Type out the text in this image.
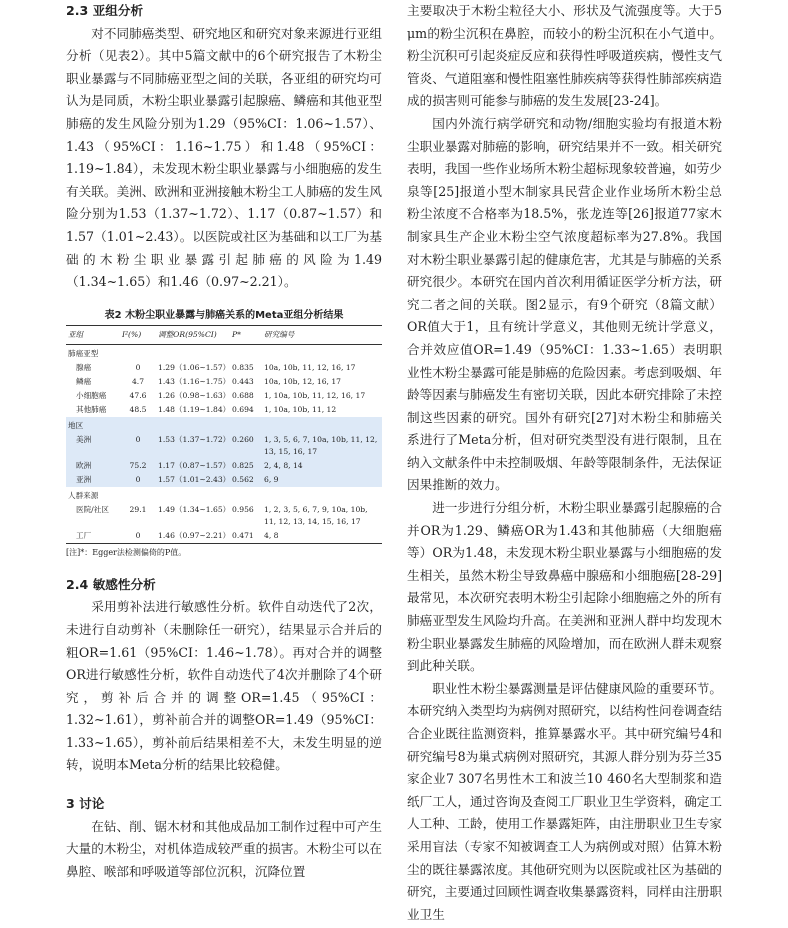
2.3 亚组分析

对不同肺癌类型、研究地区和研究对象来源进行亚组分析（见表2）。其中5篇文献中的6个研究报告了木粉尘职业暴露与不同肺癌亚型之间的关联，各亚组的研究均可认为是同质，木粉尘职业暴露引起腺癌、鳞癌和其他亚型肺癌的发生风险分别为1.29（95%CI：1.06~1.57）、1.43（95%CI：1.16~1.75）和1.48（95%CI：1.19~1.84），未发现木粉尘职业暴露与小细胞癌的发生有关联。美洲、欧洲和亚洲接触木粉尘工人肺癌的发生风险分别为1.53（1.37~1.72）、1.17（0.87~1.57）和1.57（1.01~2.43）。以医院或社区为基础和以工厂为基础的木粉尘职业暴露引起肺癌的风险为1.49（1.34~1.65）和1.46（0.97~2.21）。

表2 木粉尘职业暴露与肺癌关系的Meta亚组分析结果
亚组	I²(%)	调整OR(95%CI)	P*	研究编号
肺癌亚型				
腺癌	0	1.29（1.06~1.57）	0.835	10a, 10b, 11, 12, 16, 17
鳞癌	4.7	1.43（1.16~1.75）	0.443	10a, 10b, 12, 16, 17
小细胞癌	47.6	1.26（0.98~1.63）	0.688	1, 10a, 10b, 11, 12, 16, 17
其他肺癌	48.5	1.48（1.19~1.84）	0.694	1, 10a, 10b, 11, 12
地区				
美洲	0	1.53（1.37~1.72）	0.260	1, 3, 5, 6, 7, 10a, 10b, 11, 12, 13, 15, 16, 17
欧洲	75.2	1.17（0.87~1.57）	0.825	2, 4, 8, 14
亚洲	0	1.57（1.01~2.43）	0.562	6, 9
人群来源				
医院/社区	29.1	1.49（1.34~1.65）	0.956	1, 2, 3, 5, 6, 7, 9, 10a, 10b, 11, 12, 13, 14, 15, 16, 17
工厂	0	1.46（0.97~2.21）	0.471	4, 8
[注]*：Egger法检测偏倚的P值。
2.4 敏感性分析

采用剪补法进行敏感性分析。软件自动迭代了2次，未进行自动剪补（未删除任一研究），结果显示合并后的粗OR=1.61（95%CI：1.46~1.78）。再对合并的调整OR进行敏感性分析，软件自动迭代了4次并删除了4个研究，剪补后合并的调整OR=1.45（95%CI：1.32~1.61），剪补前合并的调整OR=1.49（95%CI：1.33~1.65），剪补前后结果相差不大，未发生明显的逆转，说明本Meta分析的结果比较稳健。

3 讨论

在钻、削、锯木材和其他成品加工制作过程中可产生大量的木粉尘，对机体造成较严重的损害。木粉尘可以在鼻腔、喉部和呼吸道等部位沉积，沉降位置

主要取决于木粉尘粒径大小、形状及气流强度等。大于5 μm的粉尘沉积在鼻腔，而较小的粉尘沉积在小气道中。粉尘沉积可引起炎症反应和获得性呼吸道疾病，慢性支气管炎、气道阻塞和慢性阻塞性肺疾病等获得性肺部疾病造成的损害则可能参与肺癌的发生发展[23-24]。

国内外流行病学研究和动物/细胞实验均有报道木粉尘职业暴露对肺癌的影响，研究结果并不一致。相关研究表明，我国一些作业场所木粉尘超标现象较普遍，如劳少泉等[25]报道小型木制家具民营企业作业场所木粉尘总粉尘浓度不合格率为18.5%，张龙连等[26]报道77家木制家具生产企业木粉尘空气浓度超标率为27.8%。我国对木粉尘职业暴露引起的健康危害，尤其是与肺癌的关系研究很少。本研究在国内首次利用循证医学分析方法，研究二者之间的关联。图2显示，有9个研究（8篇文献）OR值大于1，且有统计学意义，其他则无统计学意义，合并效应值OR=1.49（95%CI：1.33~1.65）表明职业性木粉尘暴露可能是肺癌的危险因素。考虑到吸烟、年龄等因素与肺癌发生有密切关联，因此本研究排除了未控制这些因素的研究。国外有研究[27]对木粉尘和肺癌关系进行了Meta分析，但对研究类型没有进行限制，且在纳入文献条件中未控制吸烟、年龄等限制条件，无法保证因果推断的效力。

进一步进行分组分析，木粉尘职业暴露引起腺癌的合并OR为1.29、鳞癌OR为1.43和其他肺癌（大细胞癌等）OR为1.48，未发现木粉尘职业暴露与小细胞癌的发生相关，虽然木粉尘导致鼻癌中腺癌和小细胞癌[28-29]最常见，本次研究表明木粉尘引起除小细胞癌之外的所有肺癌亚型发生风险均升高。在美洲和亚洲人群中均发现木粉尘职业暴露发生肺癌的风险增加，而在欧洲人群未观察到此种关联。

职业性木粉尘暴露测量是评估健康风险的重要环节。本研究纳入类型均为病例对照研究，以结构性问卷调查结合企业既往监测资料，推算暴露水平。其中研究编号4和研究编号8为巢式病例对照研究，其源人群分别为芬兰35家企业7 307名男性木工和波兰10 460名大型制浆和造纸厂工人，通过咨询及查阅工厂职业卫生学资料，确定工人工种、工龄，使用工作暴露矩阵，由注册职业卫生专家采用盲法（专家不知被调查工人为病例或对照）估算木粉尘的既往暴露浓度。其他研究则为以医院或社区为基础的研究，主要通过回顾性调查收集暴露资料，同样由注册职业卫生
